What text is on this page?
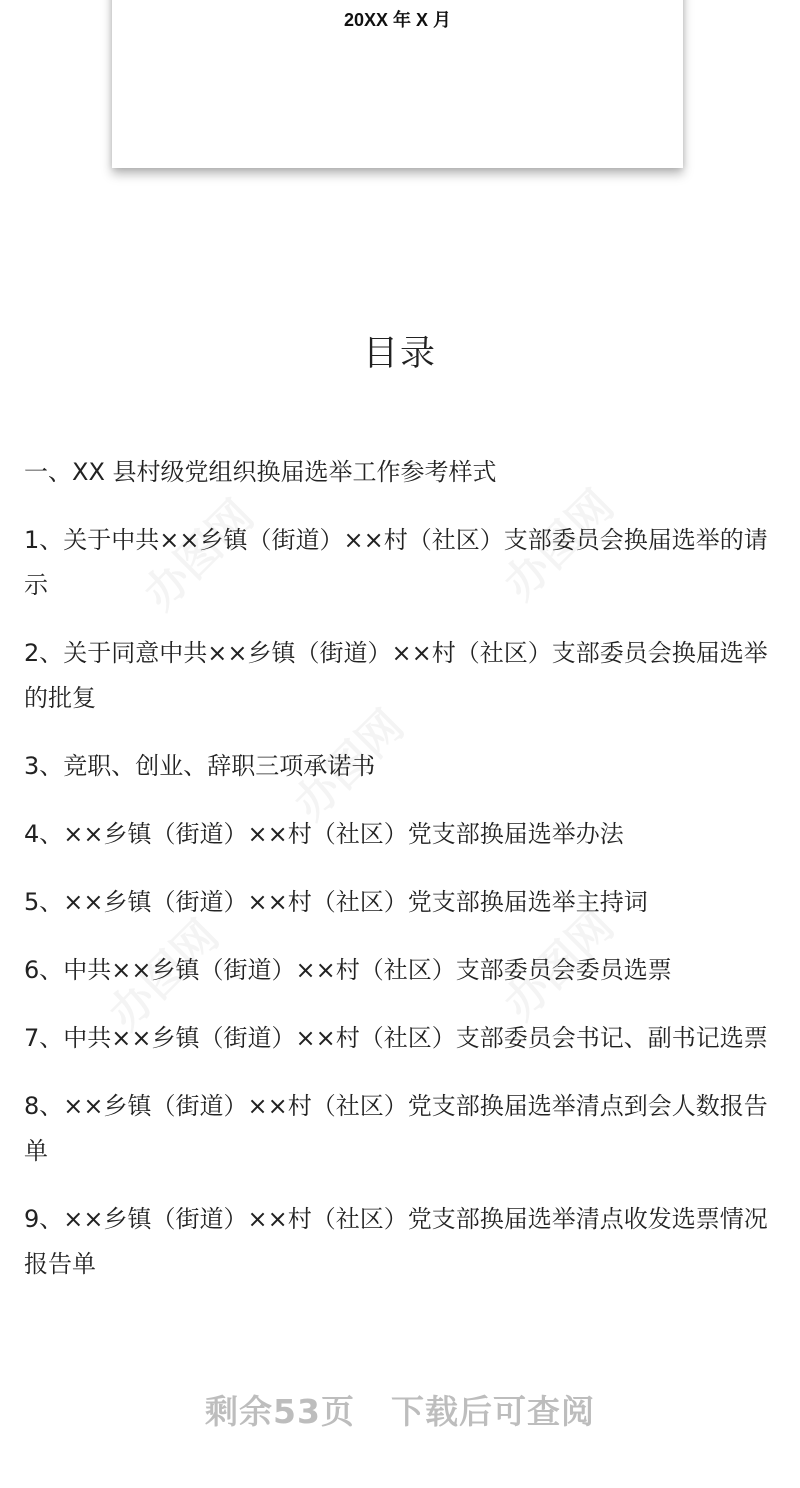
20XX 年 X 月
目录
一、XX 县村级党组织换届选举工作参考样式
1、关于中共××乡镇（街道）××村（社区）支部委员会换届选举的请示
2、关于同意中共××乡镇（街道）××村（社区）支部委员会换届选举的批复
3、竞职、创业、辞职三项承诺书
4、××乡镇（街道）××村（社区）党支部换届选举办法
5、××乡镇（街道）××村（社区）党支部换届选举主持词
6、中共××乡镇（街道）××村（社区）支部委员会委员选票
7、中共××乡镇（街道）××村（社区）支部委员会书记、副书记选票
8、××乡镇（街道）××村（社区）党支部换届选举清点到会人数报告单
9、××乡镇（街道）××村（社区）党支部换届选举清点收发选票情况报告单
剩余53页 下载后可查阅
